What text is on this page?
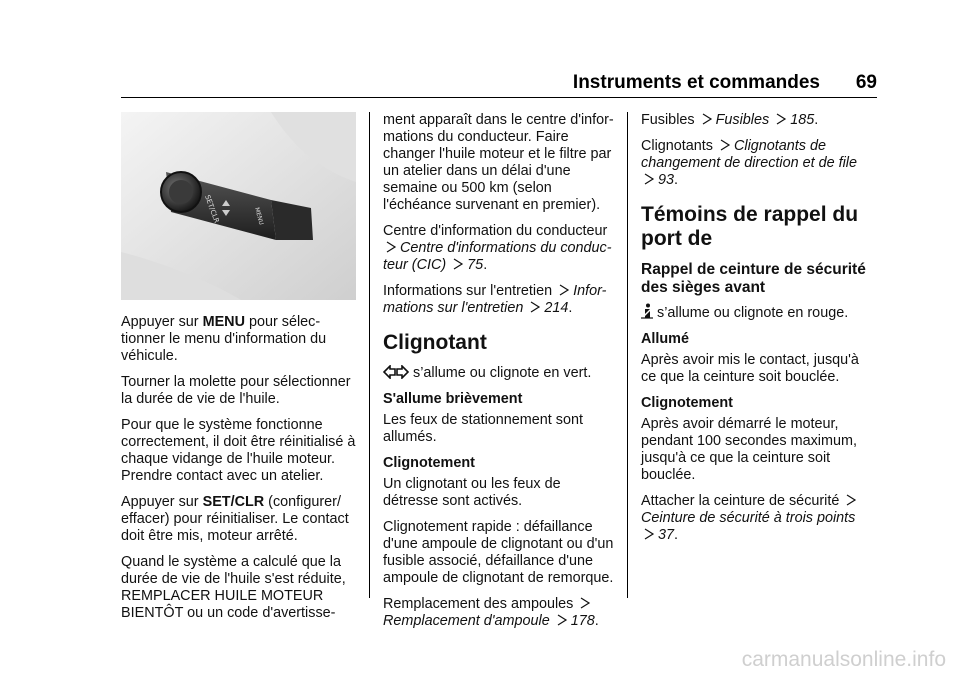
Instruments et commandes 69
SET/CLR	MENU

Appuyer sur MENU pour sélec-tionner le menu d'information du véhicule.

Tourner la molette pour sélectionner la durée de vie de l'huile.

Pour que le système fonctionne correctement, il doit être réinitialisé à chaque vidange de l'huile moteur. Prendre contact avec un atelier.

Appuyer sur SET/CLR (configurer/ effacer) pour réinitialiser. Le contact doit être mis, moteur arrêté.

Quand le système a calculé que la durée de vie de l'huile s'est réduite, REMPLACER HUILE MOTEUR BIENTÔT ou un code d'avertisse-

ment apparaît dans le centre d'infor-mations du conducteur. Faire changer l'huile moteur et le filtre par un atelier dans un délai d'une semaine ou 500 km (selon l'échéance survenant en premier).

Centre d'information du conducteur
Centre d'informations du conduc-teur (CIC) 75.

Informations sur l'entretien Infor-mations sur l'entretien 214.

Clignotant

s’allume ou clignote en vert.

S'allume brièvement

Les feux de stationnement sont allumés.

Clignotement

Un clignotant ou les feux de détresse sont activés.

Clignotement rapide : défaillance d'une ampoule de clignotant ou d'un fusible associé, défaillance d'une ampoule de clignotant de remorque.

Remplacement des ampoules
Remplacement d'ampoule 178.

Fusibles Fusibles 185.

Clignotants Clignotants de changement de direction et de file
93.

Témoins de rappel du port de
Rappel de ceinture de sécurité des sièges avant

s’allume ou clignote en rouge.

Allumé

Après avoir mis le contact, jusqu'à ce que la ceinture soit bouclée.

Clignotement

Après avoir démarré le moteur, pendant 100 secondes maximum, jusqu'à ce que la ceinture soit bouclée.

Attacher la ceinture de sécurité
Ceinture de sécurité à trois points
37.

carmanualsonline.info
